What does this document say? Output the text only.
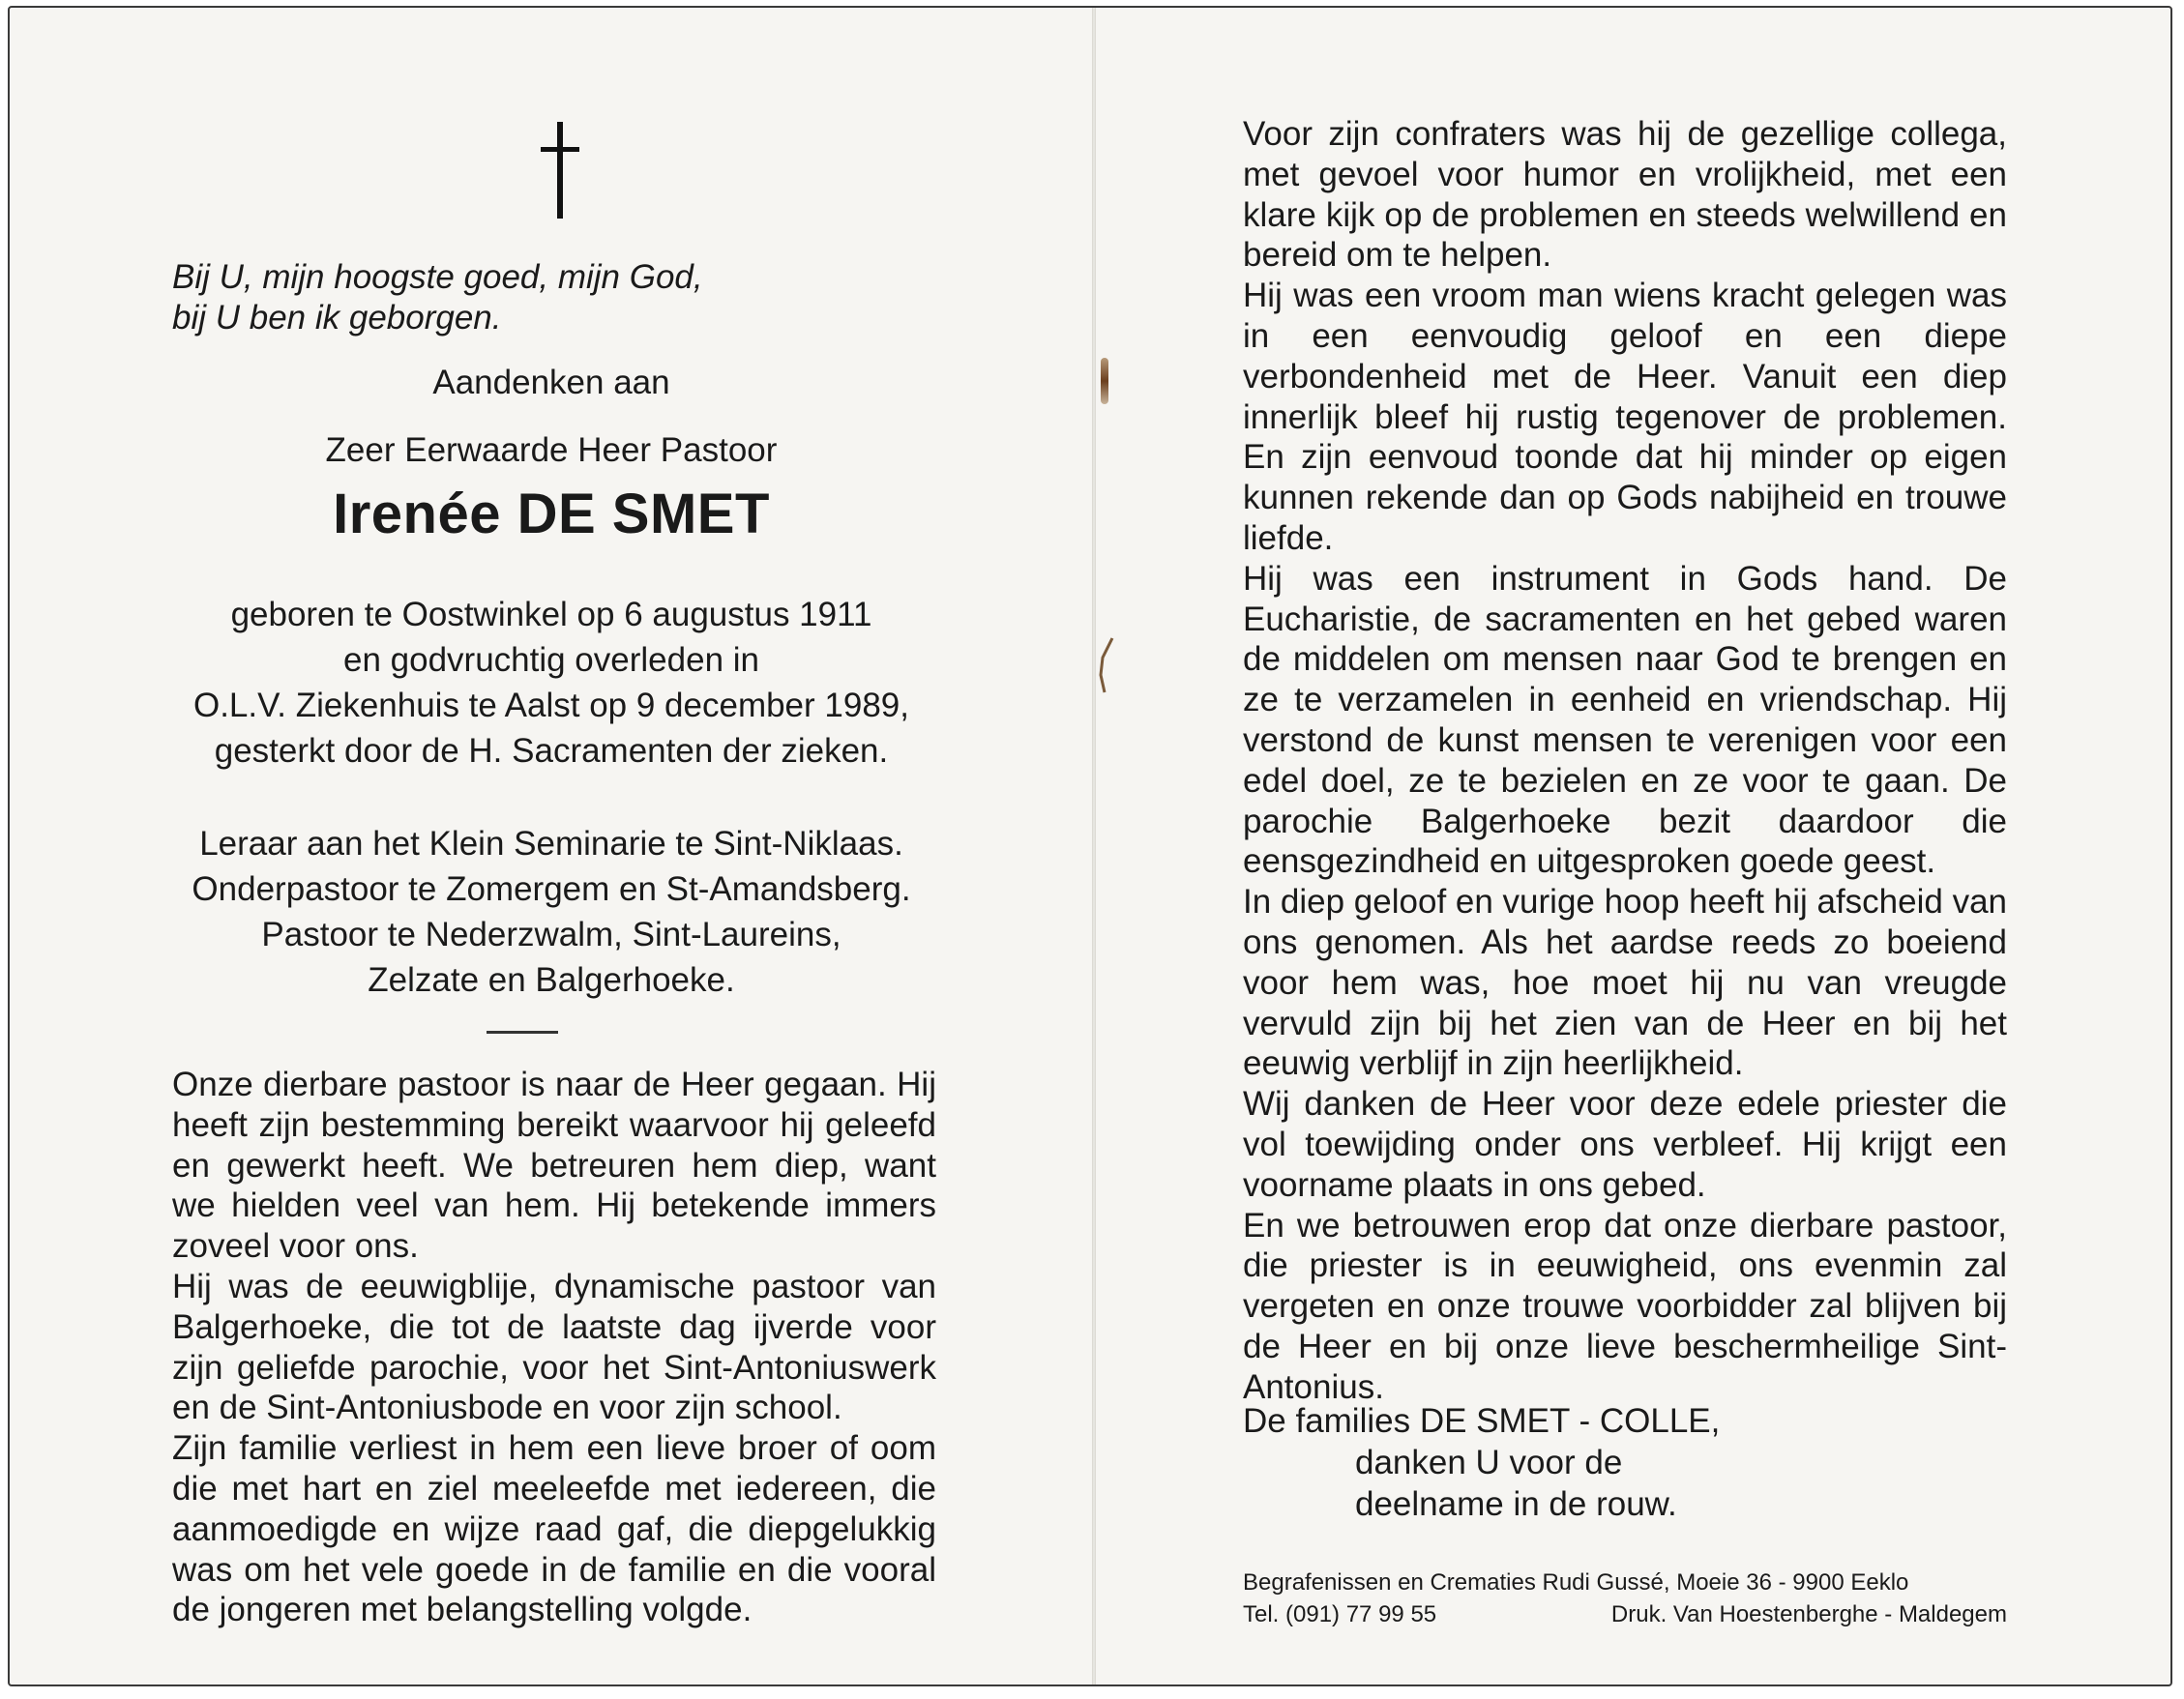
Bij U, mijn hoogste goed, mijn God,
bij U ben ik geborgen.
Aandenken aan
Zeer Eerwaarde Heer Pastoor
Irenée DE SMET
geboren te Oostwinkel op 6 augustus 1911
en godvruchtig overleden in
O.L.V. Ziekenhuis te Aalst op 9 december 1989,
gesterkt door de H. Sacramenten der zieken.
Leraar aan het Klein Seminarie te Sint-Niklaas.
Onderpastoor te Zomergem en St-Amandsberg.
Pastoor te Nederzwalm, Sint-Laureins,
Zelzate en Balgerhoeke.

Onze dierbare pastoor is naar de Heer gegaan. Hij heeft zijn bestemming bereikt waarvoor hij geleefd en gewerkt heeft. We betreuren hem diep, want we hielden veel van hem. Hij betekende immers zoveel voor ons.

Hij was de eeuwigblije, dynamische pastoor van Balgerhoeke, die tot de laatste dag ijverde voor zijn geliefde parochie, voor het Sint-Antoniuswerk en de Sint-Antoniusbode en voor zijn school.

Zijn familie verliest in hem een lieve broer of oom die met hart en ziel meeleefde met iedereen, die aanmoedigde en wijze raad gaf, die diepgelukkig was om het vele goede in de familie en die vooral de jongeren met belangstelling volgde.

Voor zijn confraters was hij de gezellige collega, met gevoel voor humor en vrolijkheid, met een klare kijk op de problemen en steeds welwillend en bereid om te helpen.

Hij was een vroom man wiens kracht gelegen was in een eenvoudig geloof en een diepe verbondenheid met de Heer. Vanuit een diep innerlijk bleef hij rustig tegenover de problemen. En zijn eenvoud toonde dat hij minder op eigen kunnen rekende dan op Gods nabijheid en trouwe liefde.

Hij was een instrument in Gods hand. De Eucharistie, de sacramenten en het gebed waren de middelen om mensen naar God te brengen en ze te verzamelen in eenheid en vriendschap. Hij verstond de kunst mensen te verenigen voor een edel doel, ze te bezielen en ze voor te gaan. De parochie Balgerhoeke bezit daardoor die eensgezindheid en uitgesproken goede geest.

In diep geloof en vurige hoop heeft hij afscheid van ons genomen. Als het aardse reeds zo boeiend voor hem was, hoe moet hij nu van vreugde vervuld zijn bij het zien van de Heer en bij het eeuwig verblijf in zijn heerlijkheid.

Wij danken de Heer voor deze edele priester die vol toewijding onder ons verbleef. Hij krijgt een voorname plaats in ons gebed.

En we betrouwen erop dat onze dierbare pastoor, die priester is in eeuwigheid, ons evenmin zal vergeten en onze trouwe voorbidder zal blijven bij de Heer en bij onze lieve beschermheilige Sint-Antonius.

De families DE SMET - COLLE,
danken U voor de
deelname in de rouw.
Begrafenissen en Crematies Rudi Gussé, Moeie 36 - 9900 Eeklo
Tel. (091) 77 99 55	Druk. Van Hoestenberghe - Maldegem
